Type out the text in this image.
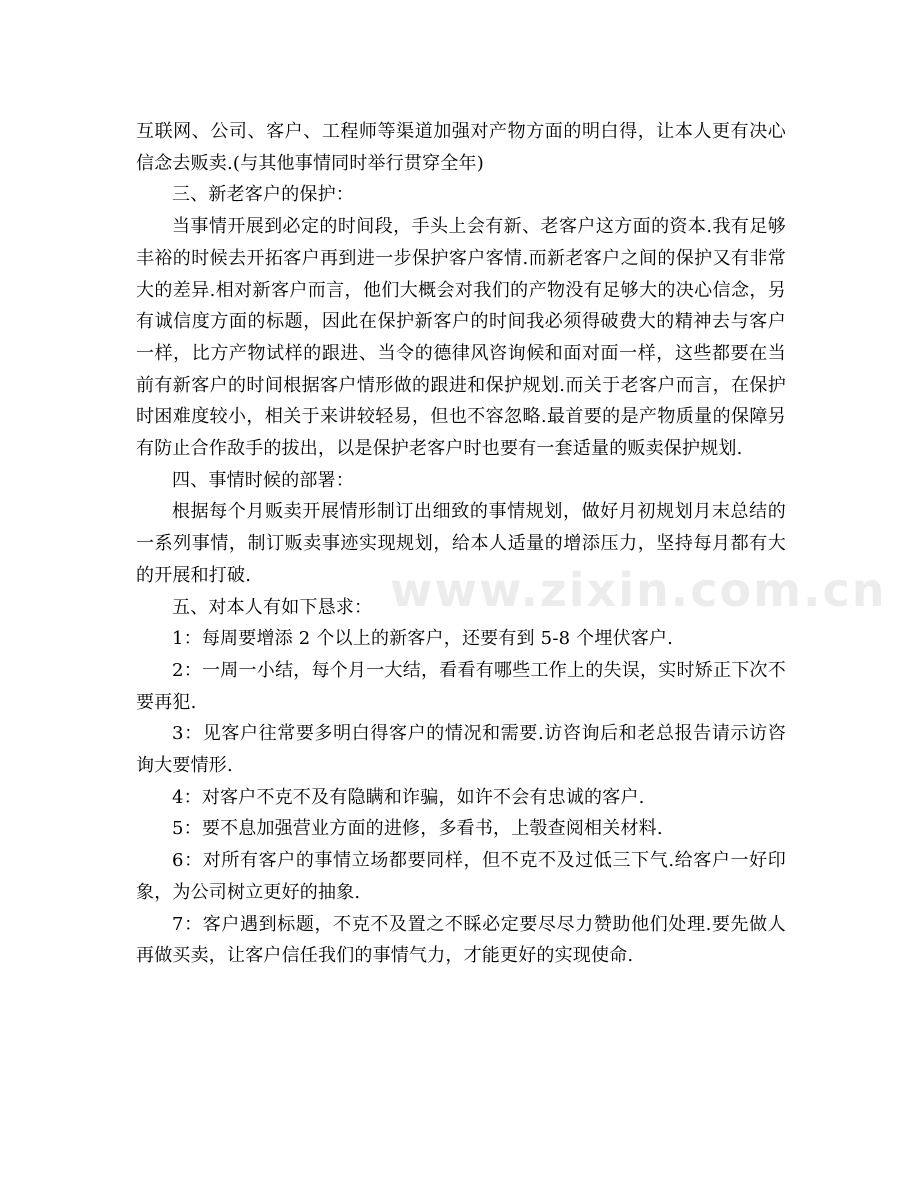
互联网、公司、客户、工程师等渠道加强对产物方面的明白得，让本人更有决心信念去贩卖.(与其他事情同时举行贯穿全年)

三、新老客户的保护：

当事情开展到必定的时间段，手头上会有新、老客户这方面的资本.我有足够丰裕的时候去开拓客户再到进一步保护客户客情.而新老客户之间的保护又有非常大的差异.相对新客户而言，他们大概会对我们的产物没有足够大的决心信念，另有诚信度方面的标题，因此在保护新客户的时间我必须得破费大的精神去与客户一样，比方产物试样的跟进、当令的德律风咨询候和面对面一样，这些都要在当前有新客户的时间根据客户情形做的跟进和保护规划.而关于老客户而言，在保护时困难度较小，相关于来讲较轻易，但也不容忽略.最首要的是产物质量的保障另有防止合作敌手的拔出，以是保护老客户时也要有一套适量的贩卖保护规划.

四、事情时候的部署：

根据每个月贩卖开展情形制订出细致的事情规划，做好月初规划月末总结的一系列事情，制订贩卖事迹实现规划，给本人适量的增添压力，坚持每月都有大的开展和打破.

五、对本人有如下恳求：

1：每周要增添 2 个以上的新客户，还要有到 5-8 个埋伏客户.

2：一周一小结，每个月一大结，看看有哪些工作上的失误，实时矫正下次不要再犯.

3：见客户往常要多明白得客户的情况和需要.访咨询后和老总报告请示访咨询大要情形.

4：对客户不克不及有隐瞒和诈骗，如许不会有忠诚的客户.

5：要不息加强营业方面的进修，多看书，上彀查阅相关材料.

6：对所有客户的事情立场都要同样，但不克不及过低三下气.给客户一好印象，为公司树立更好的抽象.

7：客户遇到标题，不克不及置之不睬必定要尽尽力赞助他们处理.要先做人再做买卖，让客户信任我们的事情气力，才能更好的实现使命.

www.zixin.com.cn
